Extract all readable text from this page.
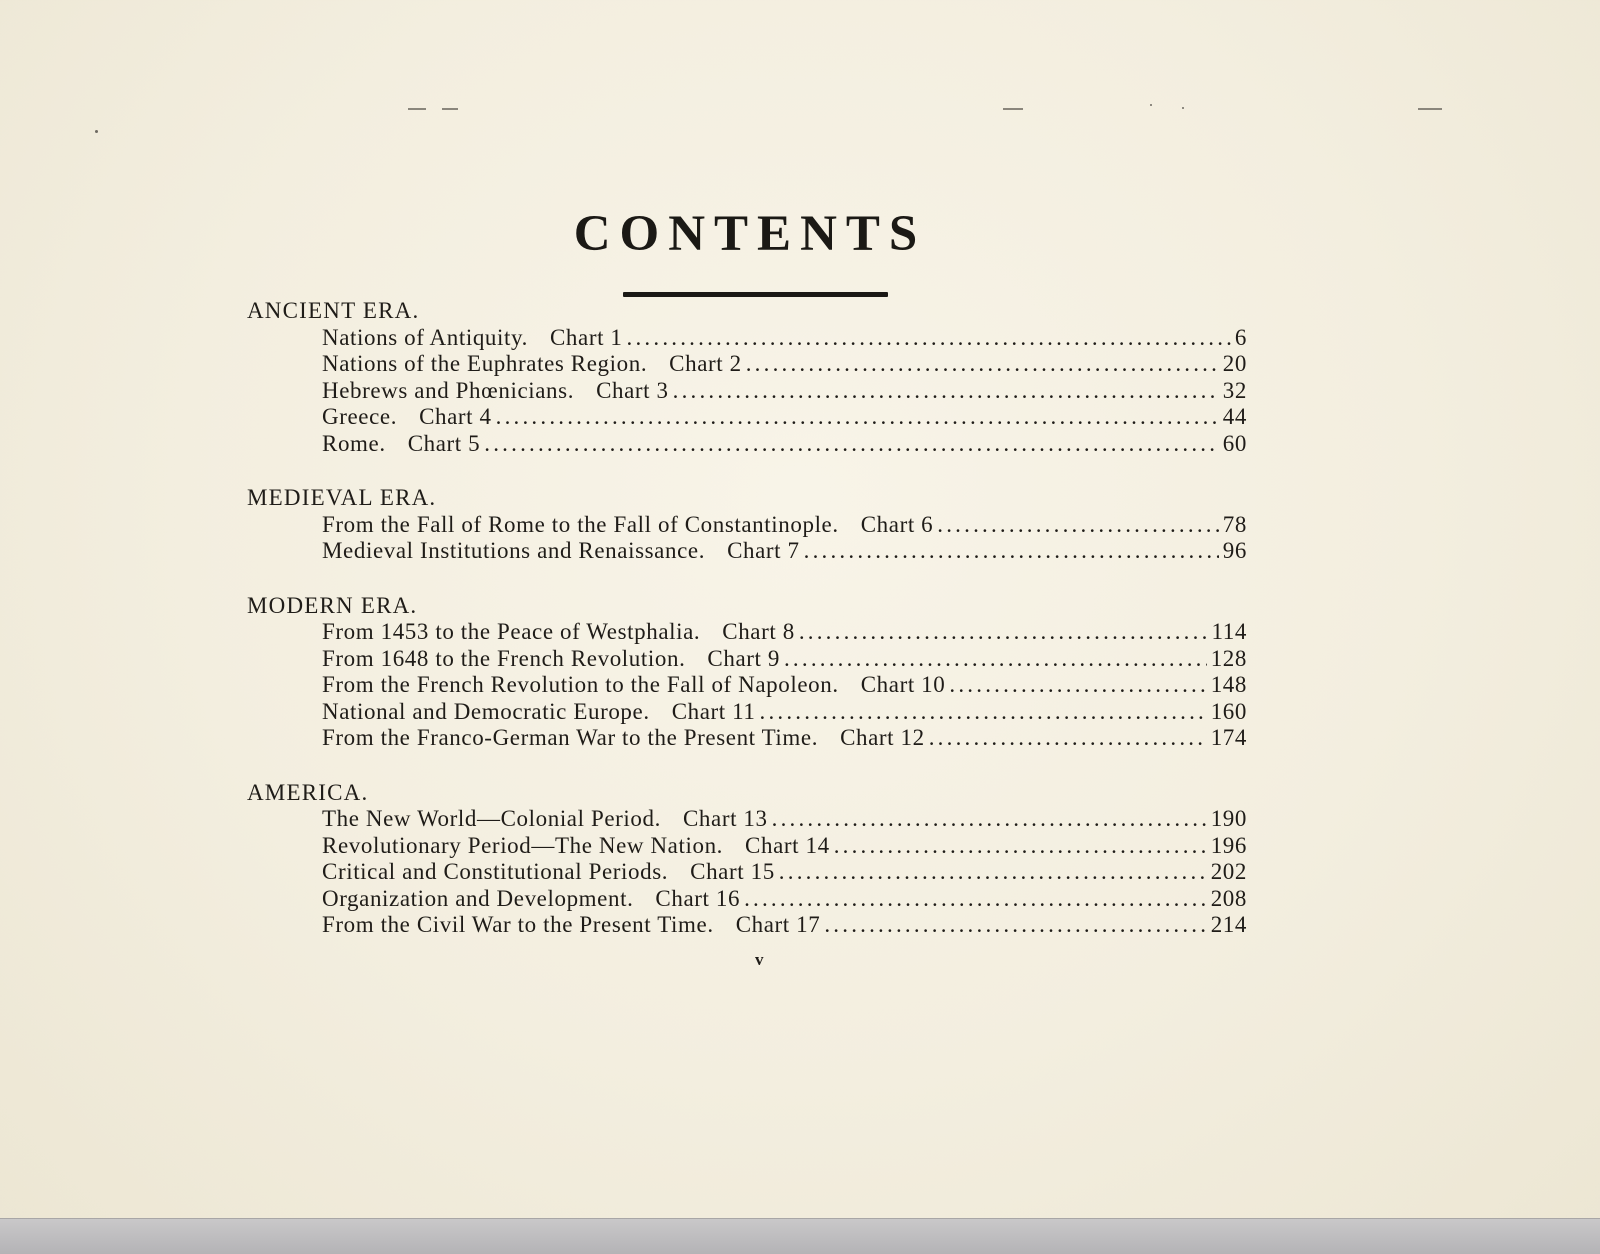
CONTENTS
ANCIENT ERA.
Nations of Antiquity. Chart 1 .....	6
Nations of the Euphrates Region. Chart 2 .....	20
Hebrews and Phœnicians. Chart 3 .....	32
Greece. Chart 4 .....	44
Rome. Chart 5 .....	60
MEDIEVAL ERA.
From the Fall of Rome to the Fall of Constantinople. Chart 6 .....	78
Medieval Institutions and Renaissance. Chart 7 .....	96
MODERN ERA.
From 1453 to the Peace of Westphalia. Chart 8 .....	114
From 1648 to the French Revolution. Chart 9 .....	128
From the French Revolution to the Fall of Napoleon. Chart 10 .....	148
National and Democratic Europe. Chart 11 .....	160
From the Franco-German War to the Present Time. Chart 12 .....	174
AMERICA.
The New World—Colonial Period. Chart 13 .....	190
Revolutionary Period—The New Nation. Chart 14 .....	196
Critical and Constitutional Periods. Chart 15 .....	202
Organization and Development. Chart 16 .....	208
From the Civil War to the Present Time. Chart 17 .....	214
v
